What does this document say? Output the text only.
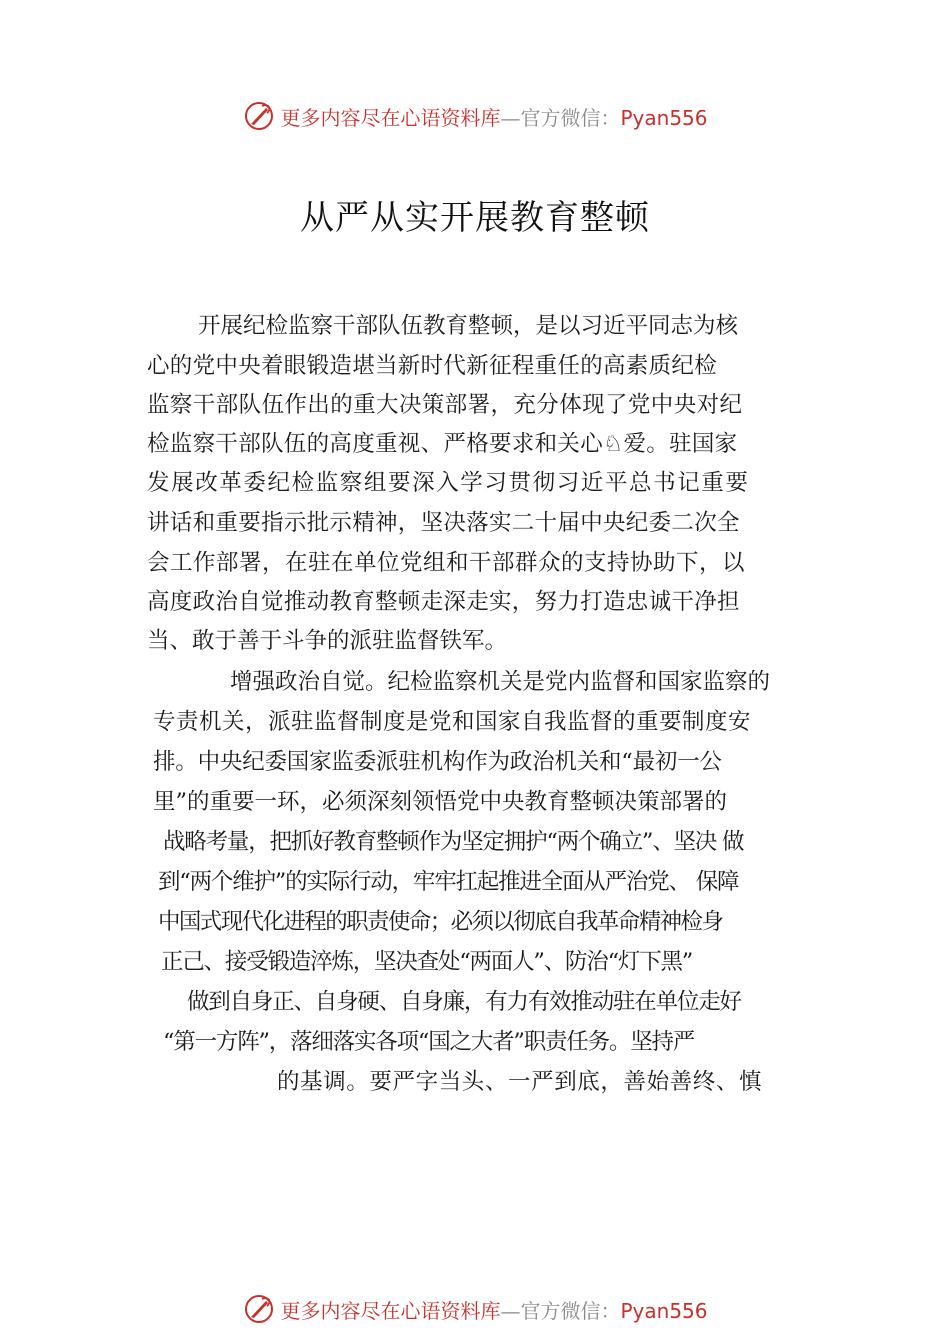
更多内容尽在心语资料库—官方微信：Pyan556
从严从实开展教育整顿
开展纪检监察干部队伍教育整顿，是以习近平同志为核
心的党中央着眼锻造堪当新时代新征程重任的高素质纪检
监察干部队伍作出的重大决策部署，充分体现了党中央对纪
检监察干部队伍的高度重视、严格要求和关心♘爱。驻国家
发展改革委纪检监察组要深入学习贯彻习近平总书记重要
讲话和重要指示批示精神，坚决落实二十届中央纪委二次全
会工作部署，在驻在单位党组和干部群众的支持协助下，以
高度政治自觉推动教育整顿走深走实，努力打造忠诚干净担
当、敢于善于斗争的派驻监督铁军。
增强政治自觉。纪检监察机关是党内监督和国家监察的
专责机关，派驻监督制度是党和国家自我监督的重要制度安
排。中央纪委国家监委派驻机构作为政治机关和“最初一公
里”的重要一环，必须深刻领悟党中央教育整顿决策部署的
战略考量，把抓好教育整顿作为坚定拥护“两个确立”、坚决 做
到“两个维护”的实际行动，牢牢扛起推进全面从严治党、 保障
中国式现代化进程的职责使命；必须以彻底自我革命精神检身
正己、接受锻造淬炼，坚决查处“两面人”、防治“灯下黑”
做到自身正、自身硬、自身廉，有力有效推动驻在单位走好
“第一方阵”，落细落实各项“国之大者”职责任务。坚持严
的基调。要严字当头、一严到底，善始善终、慎
更多内容尽在心语资料库—官方微信：Pyan556
